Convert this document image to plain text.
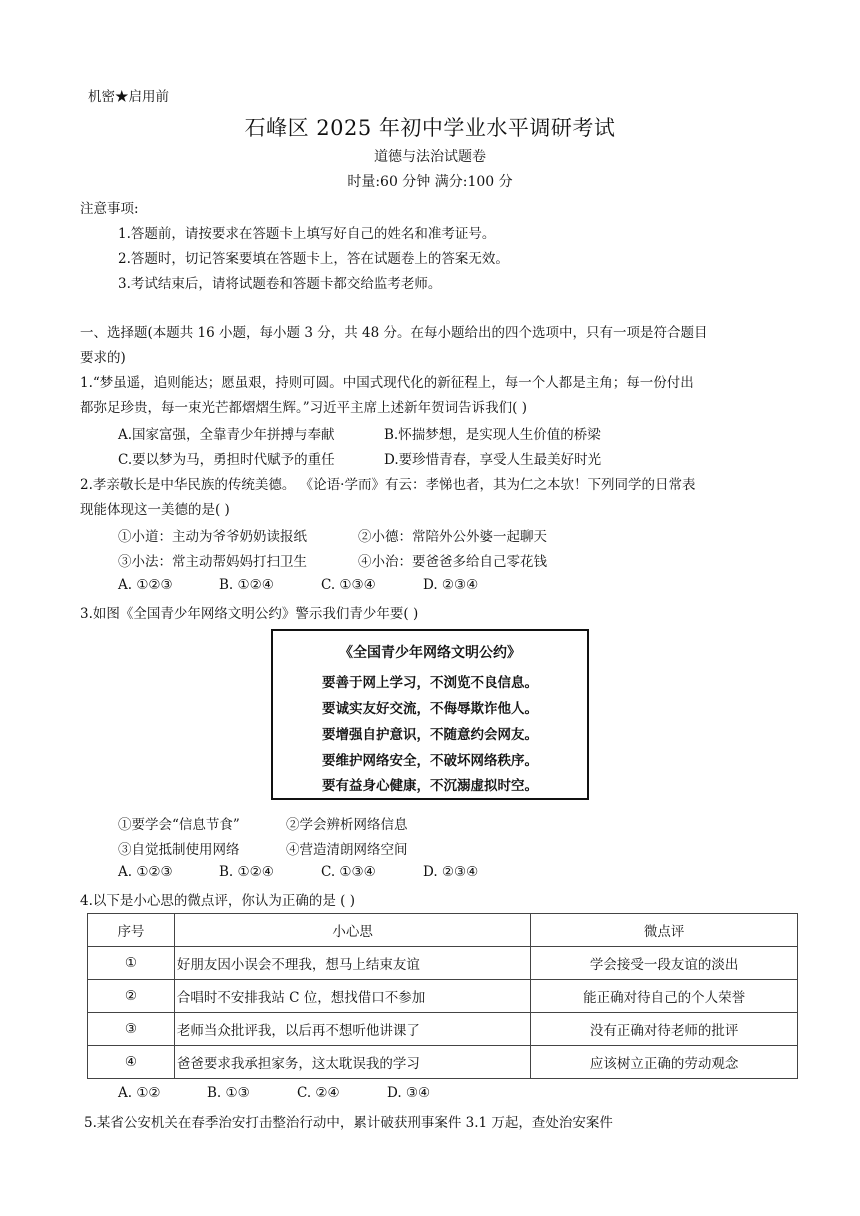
机密★启用前
石峰区 2025 年初中学业水平调研考试
道德与法治试题卷
时量:60 分钟 满分:100 分
注意事项:
1.答题前，请按要求在答题卡上填写好自己的姓名和准考证号。
2.答题时，切记答案要填在答题卡上，答在试题卷上的答案无效。
3.考试结束后，请将试题卷和答题卡都交给监考老师。
一、选择题(本题共 16 小题，每小题 3 分，共 48 分。在每小题给出的四个选项中，只有一项是符合题目
要求的)
1.“梦虽遥，追则能达；愿虽艰，持则可圆。中国式现代化的新征程上，每一个人都是主角；每一份付出
都弥足珍贵，每一束光芒都熠熠生辉。”习近平主席上述新年贺词告诉我们( )
A.国家富强，全靠青少年拼搏与奉献	B.怀揣梦想，是实现人生价值的桥梁
C.要以梦为马，勇担时代赋予的重任	D.要珍惜青春，享受人生最美好时光
2.孝亲敬长是中华民族的传统美德。 《论语·学而》有云：孝悌也者，其为仁之本欤！下列同学的日常表
现能体现这一美德的是( )
①小道：主动为爷爷奶奶读报纸	②小德：常陪外公外婆一起聊天
③小法：常主动帮妈妈打扫卫生	④小治：要爸爸多给自己零花钱
A. ①②③	B. ①②④	C. ①③④	D. ②③④
3.如图《全国青少年网络文明公约》警示我们青少年要( )
《全国青少年网络文明公约》
要善于网上学习，不浏览不良信息。
要诚实友好交流，不侮辱欺诈他人。
要增强自护意识，不随意约会网友。
要维护网络安全，不破坏网络秩序。
要有益身心健康，不沉溺虚拟时空。
①要学会“信息节食”	②学会辨析网络信息
③自觉抵制使用网络	④营造清朗网络空间
A. ①②③	B. ①②④	C. ①③④	D. ②③④
4.以下是小心思的微点评，你认为正确的是 ( )
序号	小心思	微点评
①	好朋友因小误会不理我，想马上结束友谊	学会接受一段友谊的淡出
②	合唱时不安排我站 C 位，想找借口不参加	能正确对待自己的个人荣誉
③	老师当众批评我，以后再不想听他讲课了	没有正确对待老师的批评
④	爸爸要求我承担家务，这太耽误我的学习	应该树立正确的劳动观念
A. ①②	B. ①③	C. ②④	D. ③④
5.某省公安机关在春季治安打击整治行动中，累计破获刑事案件 3.1 万起，查处治安案件
